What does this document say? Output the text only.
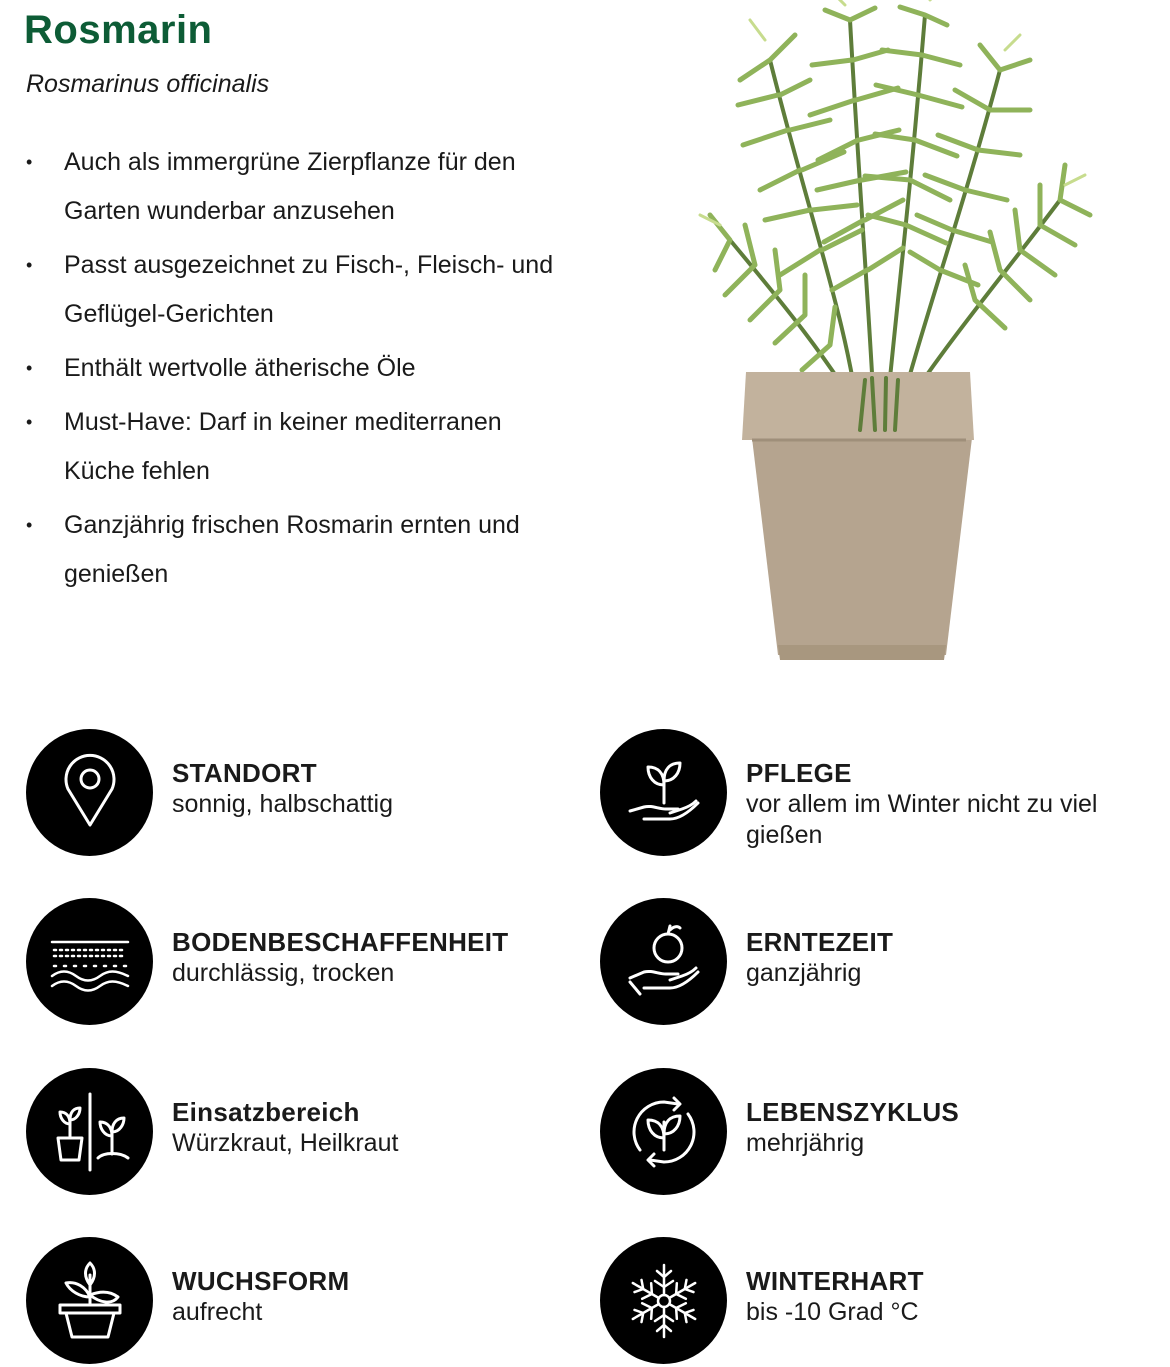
Rosmarin

Rosmarinus officinalis

• Auch als immergrüne Zierpflanze für den Garten wunderbar anzusehen
• Passt ausgezeichnet zu Fisch-, Fleisch- und Geflügel-Gerichten
• Enthält wertvolle ätherische Öle
• Must-Have: Darf in keiner mediterranen Küche fehlen
• Ganzjährig frischen Rosmarin ernten und genießen

STANDORT

sonnig, halbschattig

PFLEGE

vor allem im Winter nicht zu viel gießen

BODENBESCHAFFENHEIT

durchlässig, trocken

ERNTEZEIT

ganzjährig

Einsatzbereich

Würzkraut, Heilkraut

LEBENSZYKLUS

mehrjährig

WUCHSFORM

aufrecht

WINTERHART

bis -10 Grad °C
